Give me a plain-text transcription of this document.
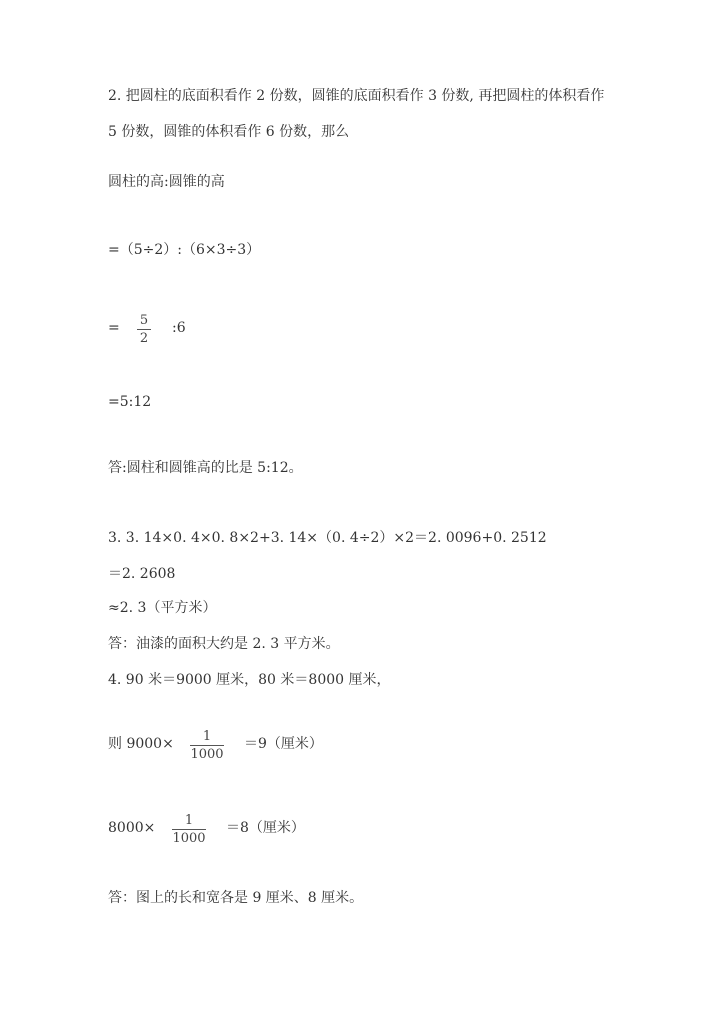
2. 把圆柱的底面积看作 2 份数，圆锥的底面积看作 3 份数, 再把圆柱的体积看作
5 份数，圆锥的体积看作 6 份数，那么
圆柱的高:圆锥的高
=（5÷2）:（6×3÷3）
= 5
2
:6
=5:12
答:圆柱和圆锥高的比是 5:12。
3. 3. 14×0. 4×0. 8×2+3. 14×（0. 4÷2）×2＝2. 0096+0. 2512
＝2. 2608
≈2. 3（平方米）
答：油漆的面积大约是 2. 3 平方米。
4. 90 米＝9000 厘米，80 米＝8000 厘米，
则 9000×	1
1000
＝9（厘米）
8000×	1
1000
＝8（厘米）
答：图上的长和宽各是 9 厘米、8 厘米。
